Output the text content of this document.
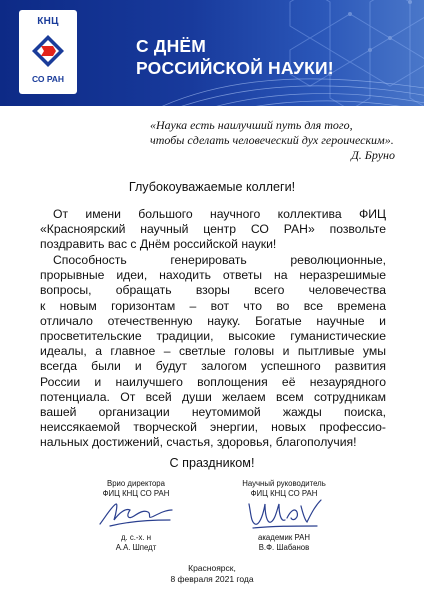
КНЦ
СО РАН
С ДНЁМ
РОССИЙСКОЙ НАУКИ!
«Наука есть наилучший путь для того,
чтобы сделать человеческий дух героическим».
Д. Бруно
Глубокоуважаемые коллеги!
От имени большого научного коллектива ФИЦ
«Красноярский научный центр СО РАН» позвольте
поздравить вас с Днём российской науки!
Способность генерировать революционные,
прорывные идеи, находить ответы на неразрешимые
вопросы, обращать взоры всего человечества
к новым горизонтам – вот что во все времена
отличало отечественную науку. Богатые научные и
просветительские традиции, высокие гуманистические
идеалы, а главное – светлые головы и пытливые умы
всегда были и будут залогом успешного развития
России и наилучшего воплощения её незаурядного
потенциала. От всей души желаем всем сотрудникам
вашей организации неутомимой жажды поиска,
неиссякаемой творческой энергии, новых профессио-
нальных достижений, счастья, здоровья, благополучия!
С праздником!
Врио директора
ФИЦ КНЦ СО РАН
Научный руководитель
ФИЦ КНЦ СО РАН
д. с.-х. н
А.А. Шпедт
академик РАН
В.Ф. Шабанов
Красноярск,
8 февраля 2021 года
